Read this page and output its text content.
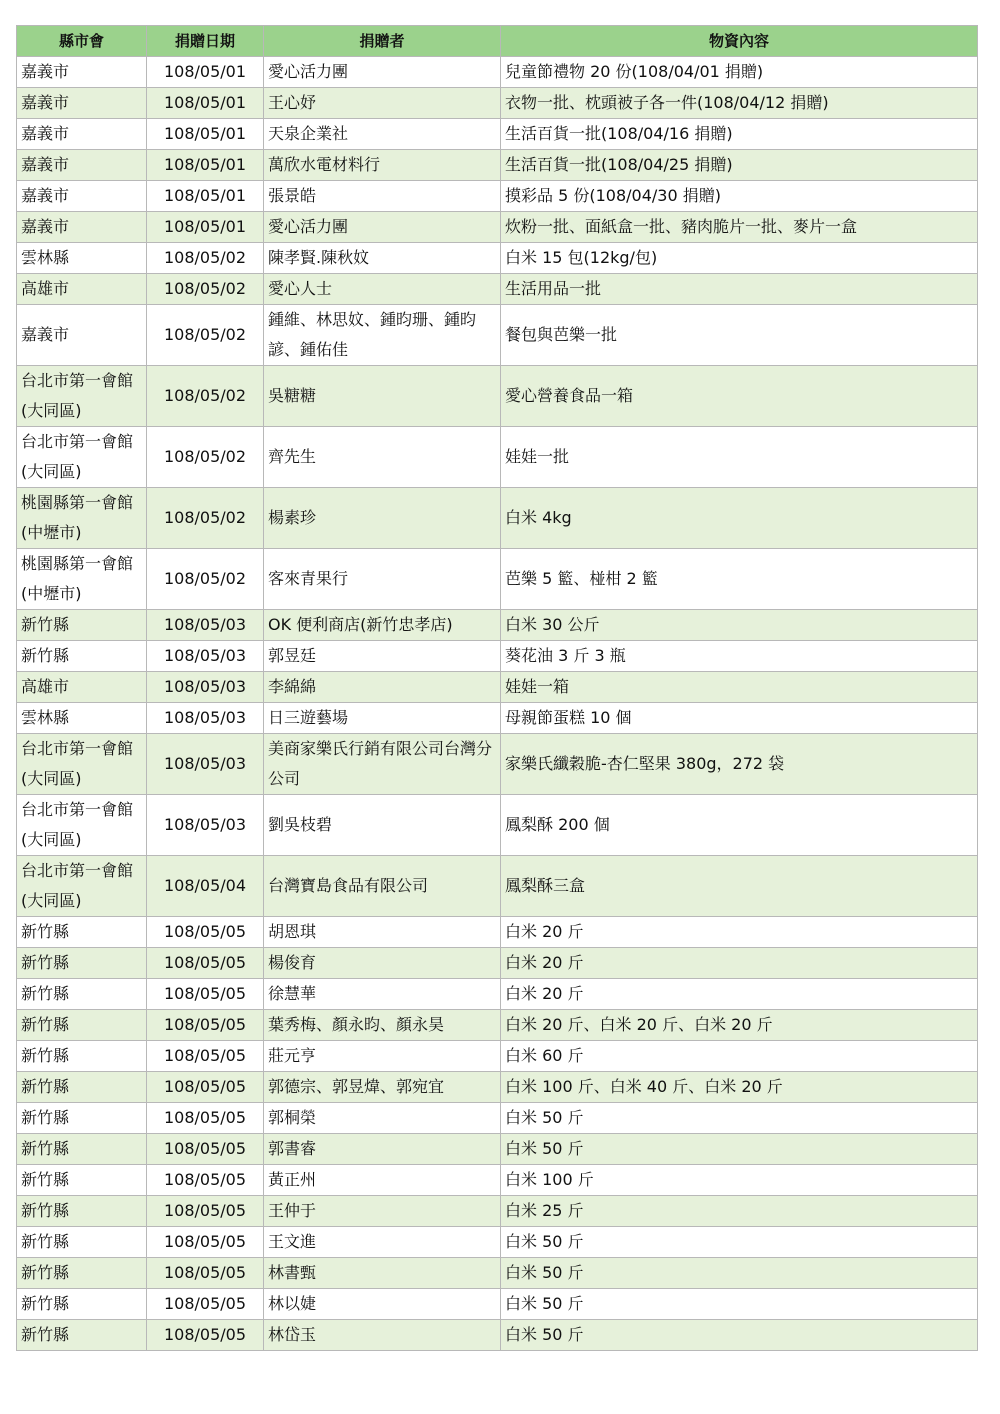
縣市會	捐贈日期	捐贈者	物資內容
嘉義市	108/05/01	愛心活力團	兒童節禮物 20 份(108/04/01 捐贈)
嘉義市	108/05/01	王心妤	衣物一批、枕頭被子各一件(108/04/12 捐贈)
嘉義市	108/05/01	天泉企業社	生活百貨一批(108/04/16 捐贈)
嘉義市	108/05/01	萬欣水電材料行	生活百貨一批(108/04/25 捐贈)
嘉義市	108/05/01	張景皓	摸彩品 5 份(108/04/30 捐贈)
嘉義市	108/05/01	愛心活力團	炊粉一批、面紙盒一批、豬肉脆片一批、麥片一盒
雲林縣	108/05/02	陳孝賢.陳秋妏	白米 15 包(12kg/包)
高雄市	108/05/02	愛心人士	生活用品一批
嘉義市	108/05/02	鍾維、林思妏、鍾昀珊、鍾昀諺、鍾佑佳	餐包與芭樂一批
台北市第一會館(大同區)	108/05/02	吳糖糖	愛心營養食品一箱
台北市第一會館(大同區)	108/05/02	齊先生	娃娃一批
桃園縣第一會館(中壢市)	108/05/02	楊素珍	白米 4kg
桃園縣第一會館(中壢市)	108/05/02	客來青果行	芭樂 5 籃、椪柑 2 籃
新竹縣	108/05/03	OK 便利商店(新竹忠孝店)	白米 30 公斤
新竹縣	108/05/03	郭昱廷	葵花油 3 斤 3 瓶
高雄市	108/05/03	李綿綿	娃娃一箱
雲林縣	108/05/03	日三遊藝場	母親節蛋糕 10 個
台北市第一會館(大同區)	108/05/03	美商家樂氏行銷有限公司台灣分公司	家樂氏纖穀脆-杏仁堅果 380g，272 袋
台北市第一會館(大同區)	108/05/03	劉吳枝碧	鳳梨酥 200 個
台北市第一會館(大同區)	108/05/04	台灣寶島食品有限公司	鳳梨酥三盒
新竹縣	108/05/05	胡恩琪	白米 20 斤
新竹縣	108/05/05	楊俊育	白米 20 斤
新竹縣	108/05/05	徐慧華	白米 20 斤
新竹縣	108/05/05	葉秀梅、顏永昀、顏永昊	白米 20 斤、白米 20 斤、白米 20 斤
新竹縣	108/05/05	莊元亨	白米 60 斤
新竹縣	108/05/05	郭德宗、郭昱煒、郭宛宜	白米 100 斤、白米 40 斤、白米 20 斤
新竹縣	108/05/05	郭桐榮	白米 50 斤
新竹縣	108/05/05	郭書睿	白米 50 斤
新竹縣	108/05/05	黃正州	白米 100 斤
新竹縣	108/05/05	王仲于	白米 25 斤
新竹縣	108/05/05	王文進	白米 50 斤
新竹縣	108/05/05	林書甄	白米 50 斤
新竹縣	108/05/05	林以婕	白米 50 斤
新竹縣	108/05/05	林岱玉	白米 50 斤
